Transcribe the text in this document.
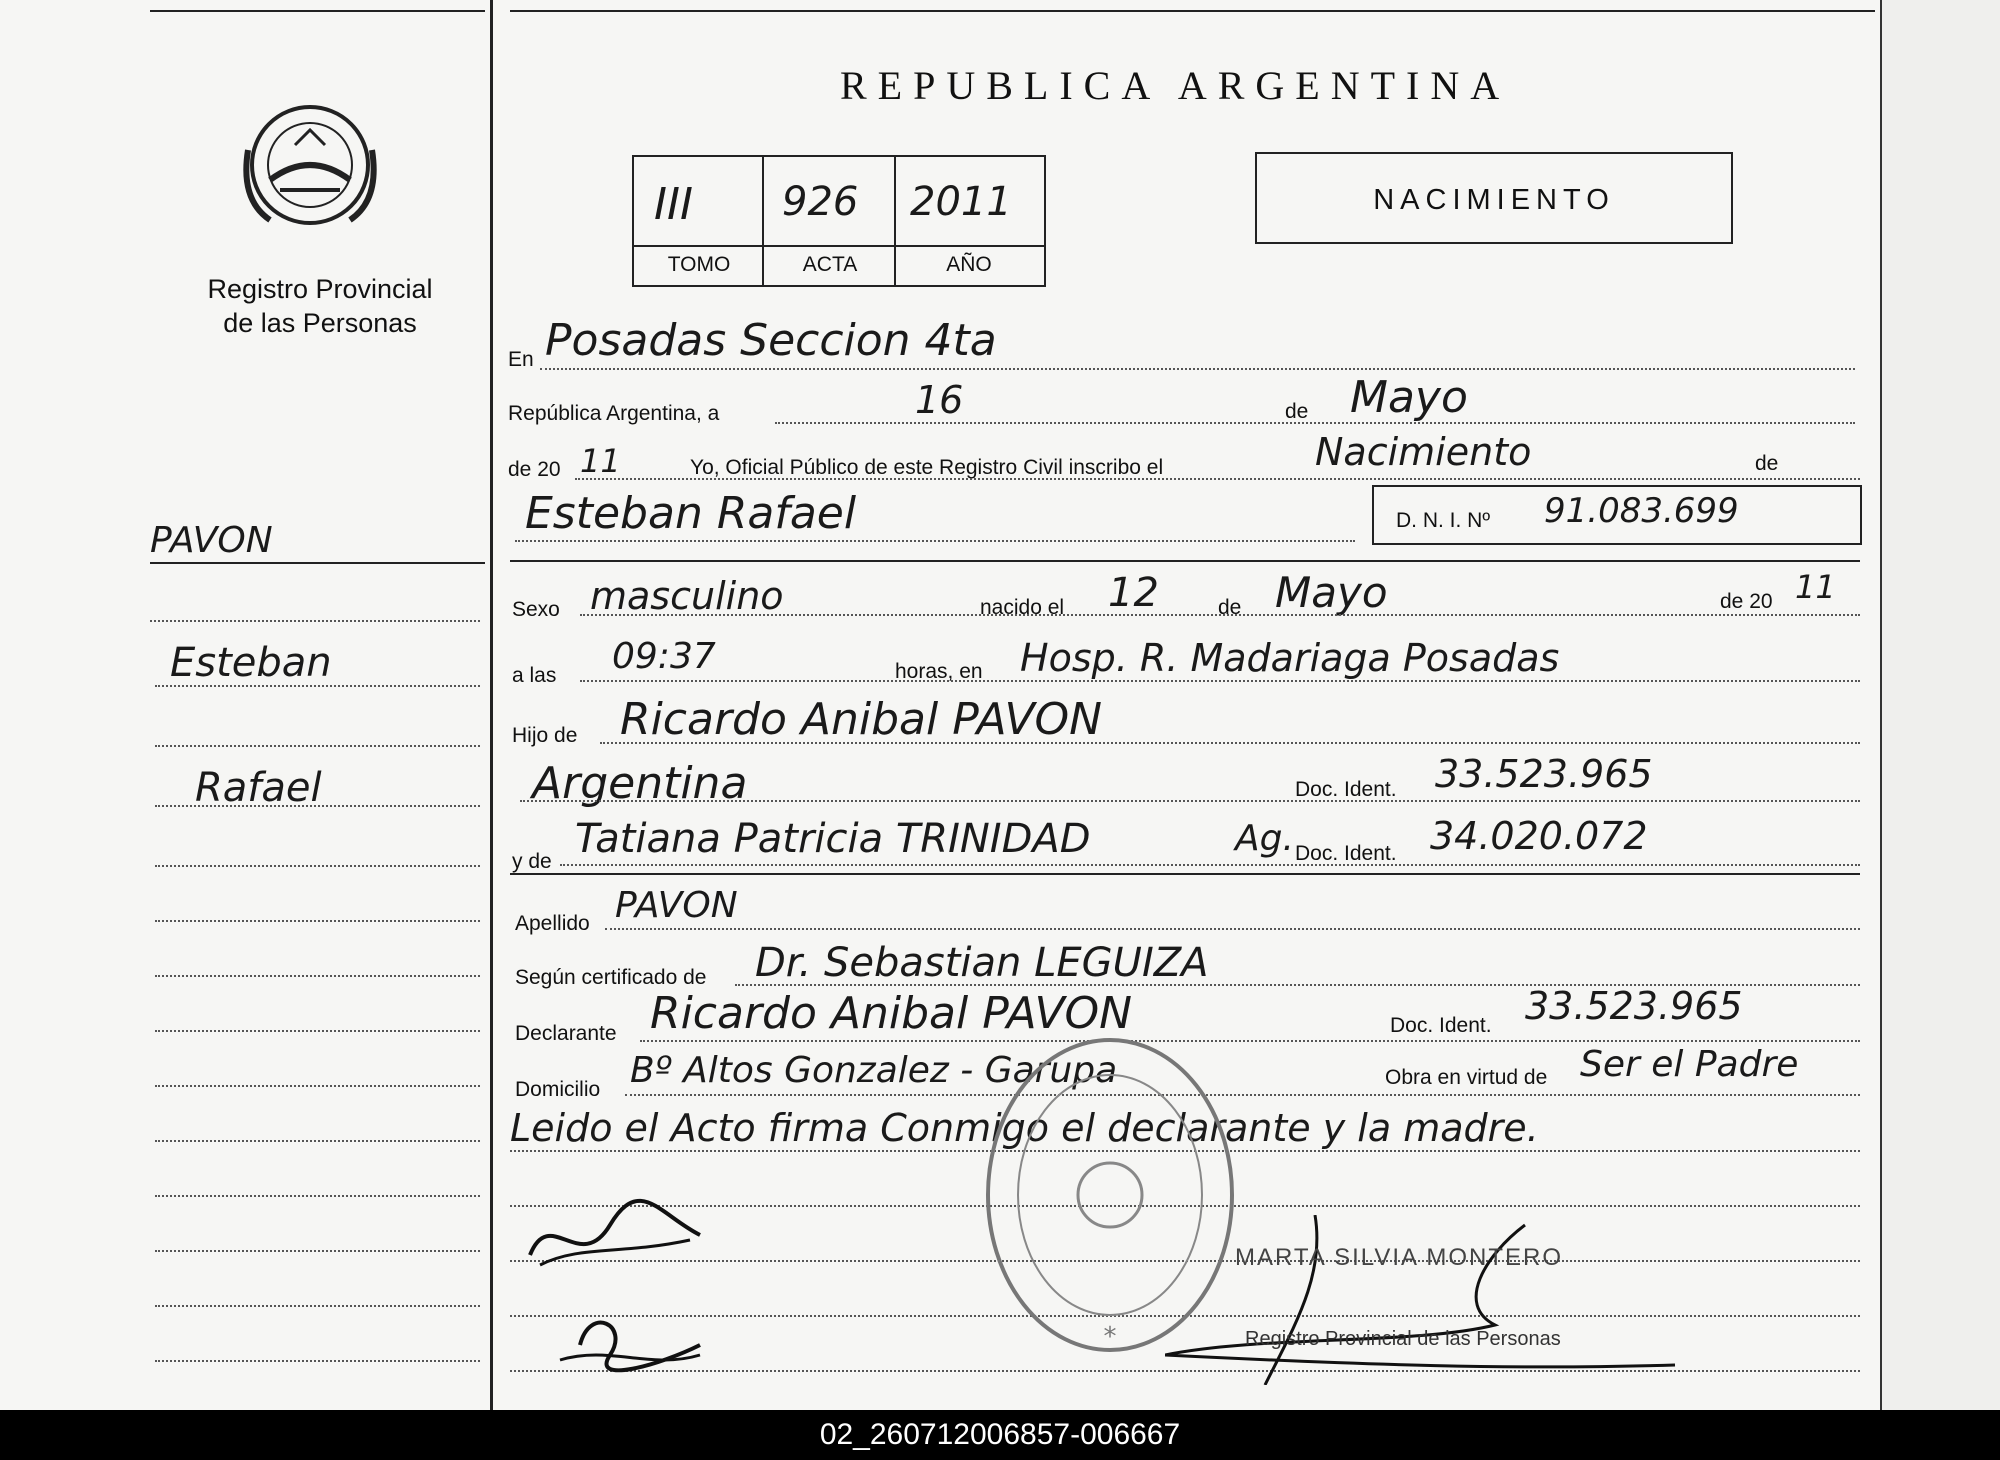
Registro Provincial
de las Personas
PAVON
Esteban
Rafael
REPUBLICA ARGENTINA
III 926 2011
TOMO	ACTA	AÑO
NACIMIENTO
En Posadas Seccion 4ta
República Argentina, a	16	de Mayo
de 20 11	Yo, Oficial Público de este Registro Civil inscribo el	Nacimiento	de
Esteban Rafael	D. N. I. Nº 91.083.699
Sexo masculino	nacido el 12	de Mayo	de 20 11
a las 09:37	horas, en Hosp. R. Madariaga Posadas
Hijo de Ricardo Anibal PAVON
Argentina	Doc. Ident. 33.523.965
y de Tatiana Patricia TRINIDAD	Ag. Doc. Ident. 34.020.072
Apellido PAVON
Según certificado de Dr. Sebastian LEGUIZA
Declarante Ricardo Anibal PAVON	Doc. Ident. 33.523.965
Domicilio Bº Altos Gonzalez - Garupa	Obra en virtud de Ser el Padre
Leido el Acto firma Conmigo el declarante y la madre.
*
MARTA SILVIA MONTERO
Registro Provincial de las Personas
02_260712006857-006667
